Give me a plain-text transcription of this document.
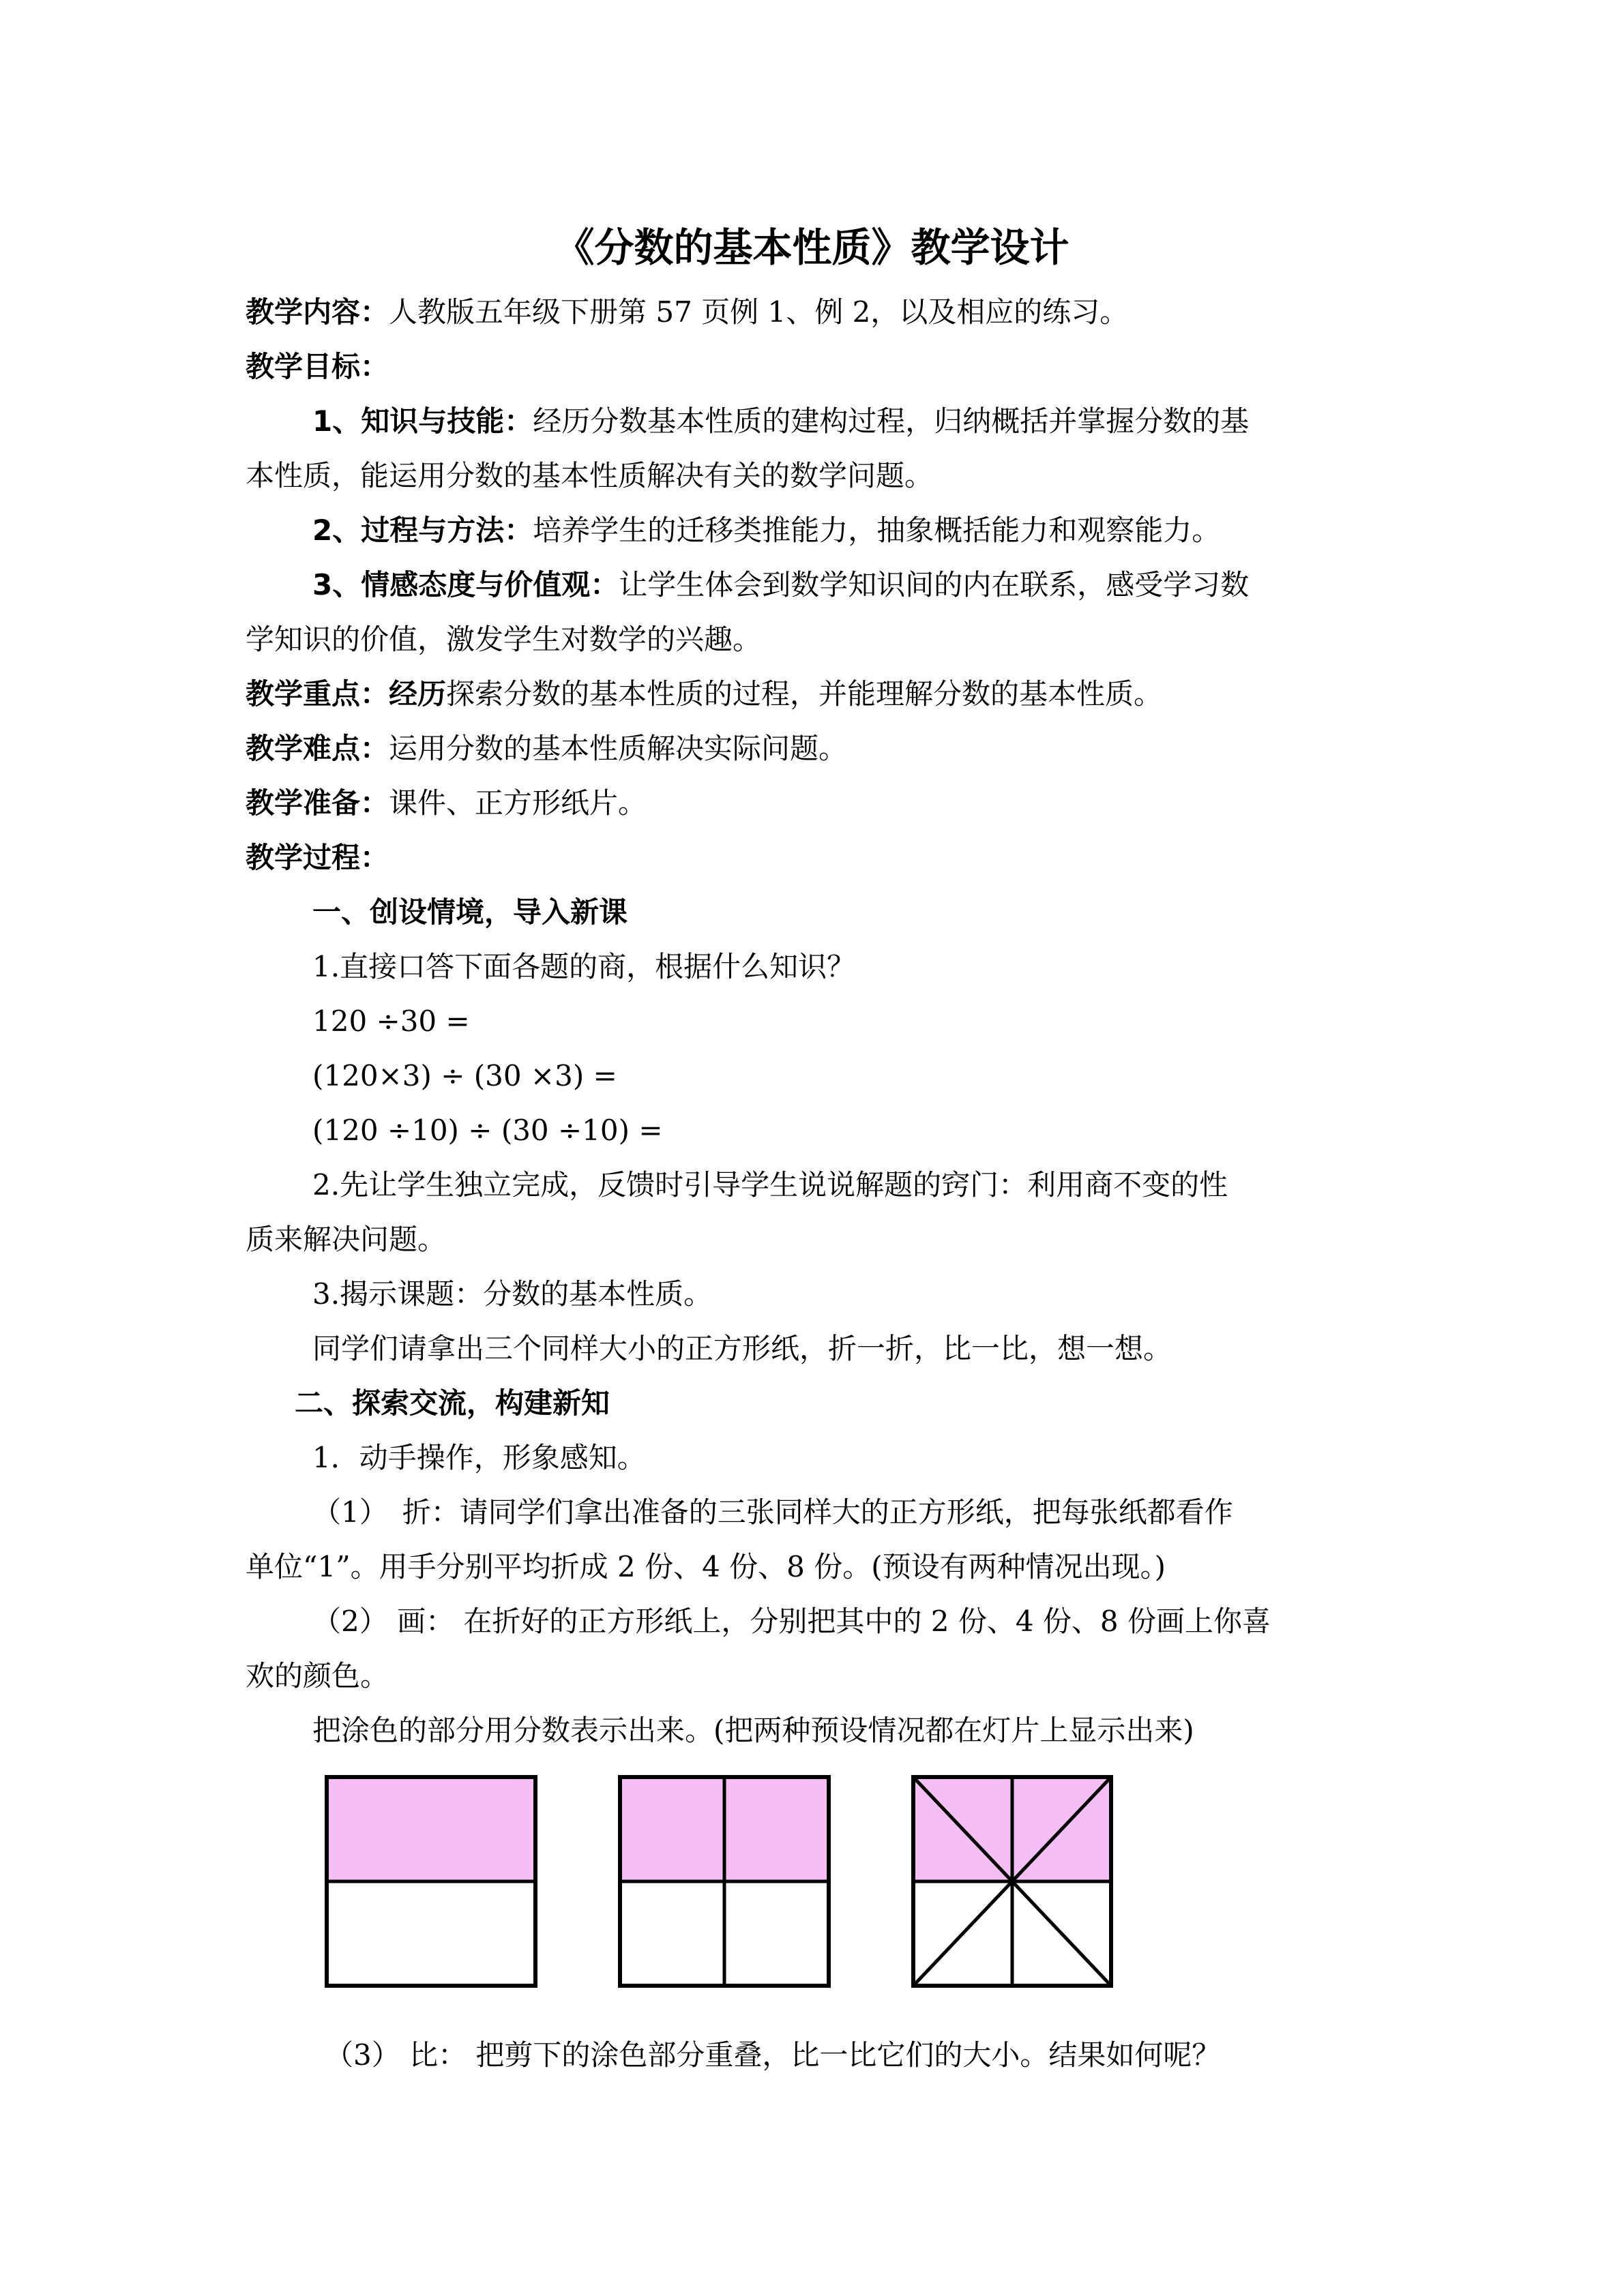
《分数的基本性质》教学设计
教学内容：人教版五年级下册第 57 页例 1、例 2，以及相应的练习。
教学目标：
1、知识与技能：经历分数基本性质的建构过程，归纳概括并掌握分数的基
本性质，能运用分数的基本性质解决有关的数学问题。
2、过程与方法：培养学生的迁移类推能力，抽象概括能力和观察能力。
3、情感态度与价值观：让学生体会到数学知识间的内在联系，感受学习数
学知识的价值，激发学生对数学的兴趣。
教学重点：经历探索分数的基本性质的过程，并能理解分数的基本性质。
教学难点：运用分数的基本性质解决实际问题。
教学准备：课件、正方形纸片。
教学过程：
一、创设情境，导入新课
1.直接口答下面各题的商，根据什么知识？
120 ÷30 =
(120×3) ÷ (30 ×3) =
(120 ÷10) ÷ (30 ÷10) =
2.先让学生独立完成，反馈时引导学生说说解题的窍门：利用商不变的性
质来解决问题。
3.揭示课题：分数的基本性质。
同学们请拿出三个同样大小的正方形纸，折一折，比一比，想一想。
二、探索交流，构建新知
1．动手操作，形象感知。
（1）　折：请同学们拿出准备的三张同样大的正方形纸，把每张纸都看作
单位“1”。用手分别平均折成 2 份、4 份、8 份。(预设有两种情况出现。)
（2） 画： 在折好的正方形纸上，分别把其中的 2 份、4 份、8 份画上你喜
欢的颜色。
把涂色的部分用分数表示出来。(把两种预设情况都在灯片上显示出来)
（3） 比： 把剪下的涂色部分重叠，比一比它们的大小。结果如何呢？
